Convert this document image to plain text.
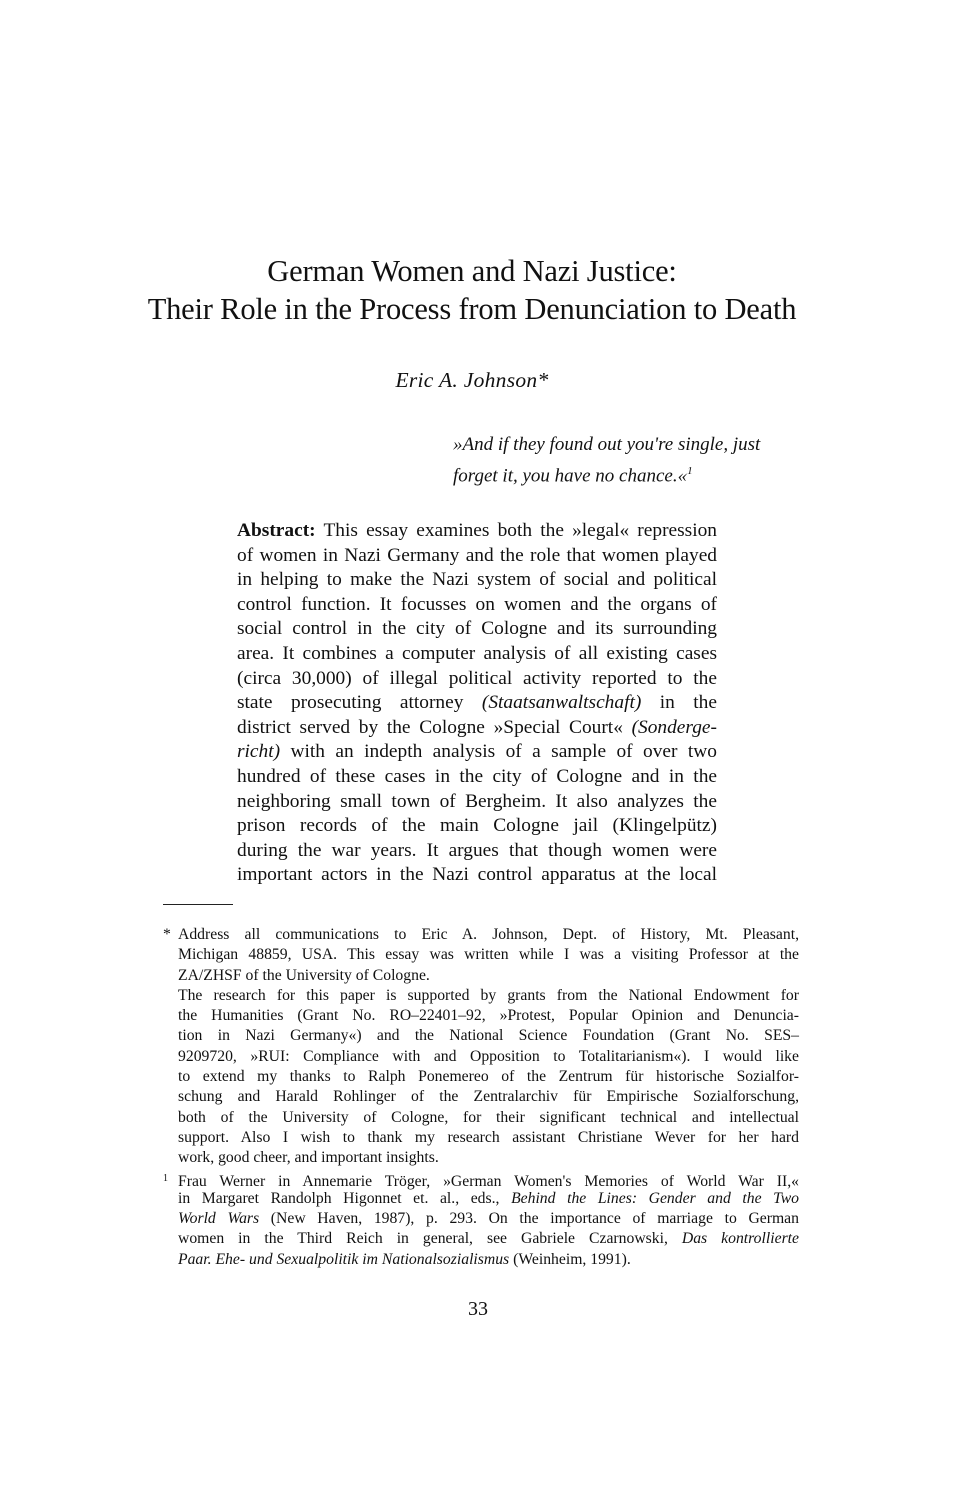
German Women and Nazi Justice:
Their Role in the Process from Denunciation to Death
Eric A. Johnson*
»And if they found out you're single, just
forget it, you have no chance.«$^1$
Abstract: This essay examines both the »legal« repression
of women in Nazi Germany and the role that women played
in helping to make the Nazi system of social and political
control function. It focusses on women and the organs of
social control in the city of Cologne and its surrounding
area. It combines a computer analysis of all existing cases
(circa 30,000) of illegal political activity reported to the
state prosecuting attorney (Staatsanwaltschaft) in the
district served by the Cologne »Special Court« (Sonderge-
richt) with an indepth analysis of a sample of over two
hundred of these cases in the city of Cologne and in the
neighboring small town of Bergheim. It also analyzes the
prison records of the main Cologne jail (Klingelpütz)
during the war years. It argues that though women were
important actors in the Nazi control apparatus at the local
* Address all communications to Eric A. Johnson, Dept. of History, Mt. Pleasant,
Michigan 48859, USA. This essay was written while I was a visiting Professor at the
ZA/ZHSF of the University of Cologne.
The research for this paper is supported by grants from the National Endowment for
the Humanities (Grant No. RO–22401–92, »Protest, Popular Opinion and Denuncia-
tion in Nazi Germany«) and the National Science Foundation (Grant No. SES–
9209720, »RUI: Compliance with and Opposition to Totalitarianism«). I would like
to extend my thanks to Ralph Ponemereo of the Zentrum für historische Sozialfor-
schung and Harald Rohlinger of the Zentralarchiv für Empirische Sozialforschung,
both of the University of Cologne, for their significant technical and intellectual
support. Also I wish to thank my research assistant Christiane Wever for her hard
work, good cheer, and important insights.
$^1$ Frau Werner in Annemarie Tröger, »German Women's Memories of World War II,«
in Margaret Randolph Higonnet et. al., eds., Behind the Lines: Gender and the Two
World Wars (New Haven, 1987), p. 293. On the importance of marriage to German
women in the Third Reich in general, see Gabriele Czarnowski, Das kontrollierte
Paar. Ehe- und Sexualpolitik im Nationalsozialismus (Weinheim, 1991).
33
